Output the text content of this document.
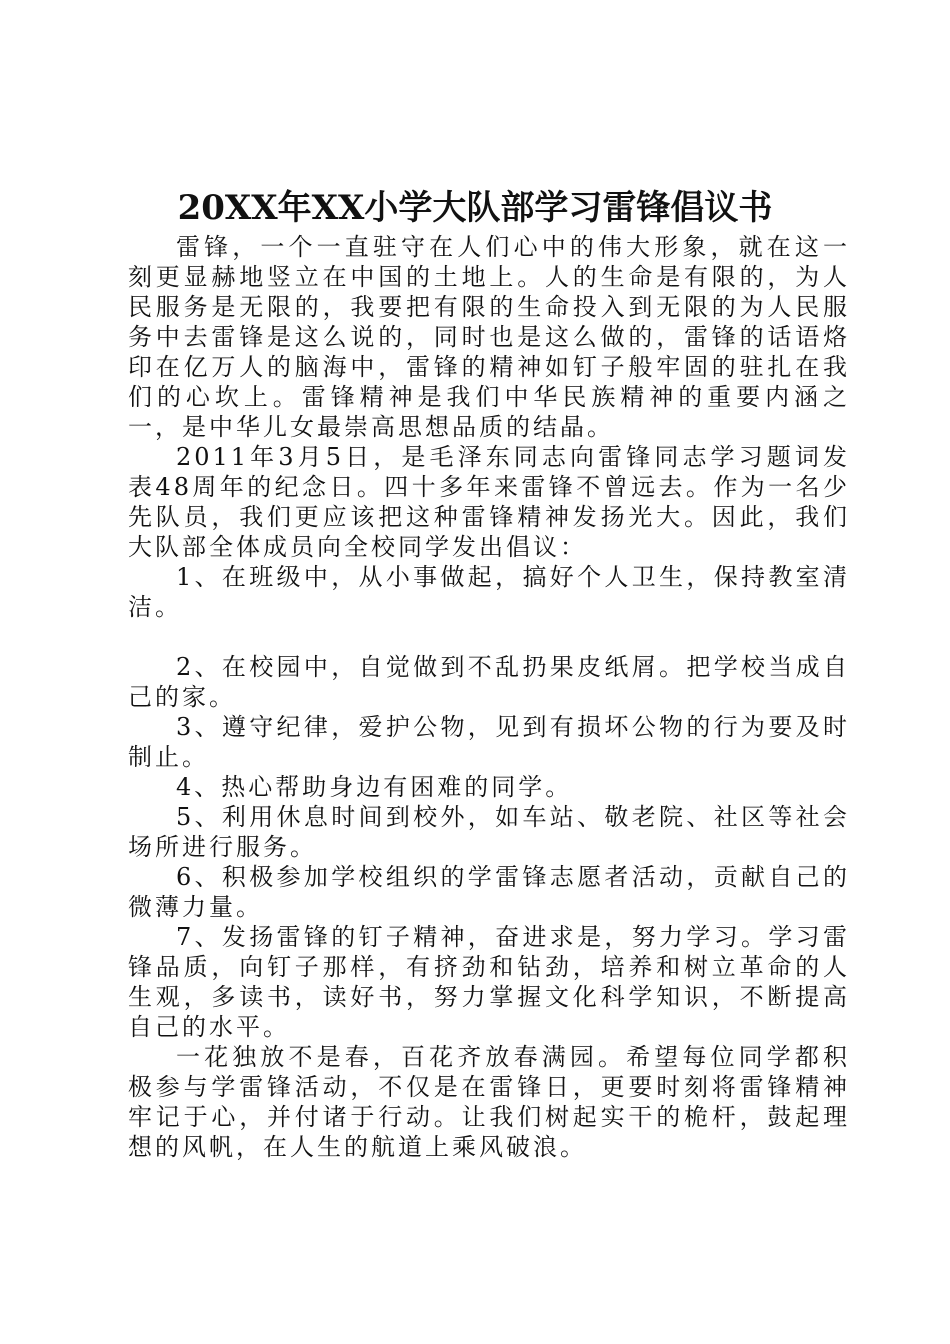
20XX年XX小学大队部学习雷锋倡议书

雷锋，一个一直驻守在人们心中的伟大形象，就在这一刻更显赫地竖立在中国的土地上。人的生命是有限的，为人民服务是无限的，我要把有限的生命投入到无限的为人民服务中去雷锋是这么说的，同时也是这么做的，雷锋的话语烙印在亿万人的脑海中，雷锋的精神如钉子般牢固的驻扎在我们的心坎上。雷锋精神是我们中华民族精神的重要内涵之一，是中华儿女最崇高思想品质的结晶。

2011年3月5日，是毛泽东同志向雷锋同志学习题词发表48周年的纪念日。四十多年来雷锋不曾远去。作为一名少先队员，我们更应该把这种雷锋精神发扬光大。因此，我们大队部全体成员向全校同学发出倡议：

1、在班级中，从小事做起，搞好个人卫生，保持教室清洁。

2、在校园中，自觉做到不乱扔果皮纸屑。把学校当成自己的家。

3、遵守纪律，爱护公物，见到有损坏公物的行为要及时制止。

4、热心帮助身边有困难的同学。

5、利用休息时间到校外，如车站、敬老院、社区等社会场所进行服务。

6、积极参加学校组织的学雷锋志愿者活动，贡献自己的微薄力量。

7、发扬雷锋的钉子精神，奋进求是，努力学习。学习雷锋品质，向钉子那样，有挤劲和钻劲，培养和树立革命的人生观，多读书，读好书，努力掌握文化科学知识，不断提高自己的水平。

一花独放不是春，百花齐放春满园。希望每位同学都积极参与学雷锋活动，不仅是在雷锋日，更要时刻将雷锋精神牢记于心，并付诸于行动。让我们树起实干的桅杆，鼓起理想的风帆，在人生的航道上乘风破浪。
